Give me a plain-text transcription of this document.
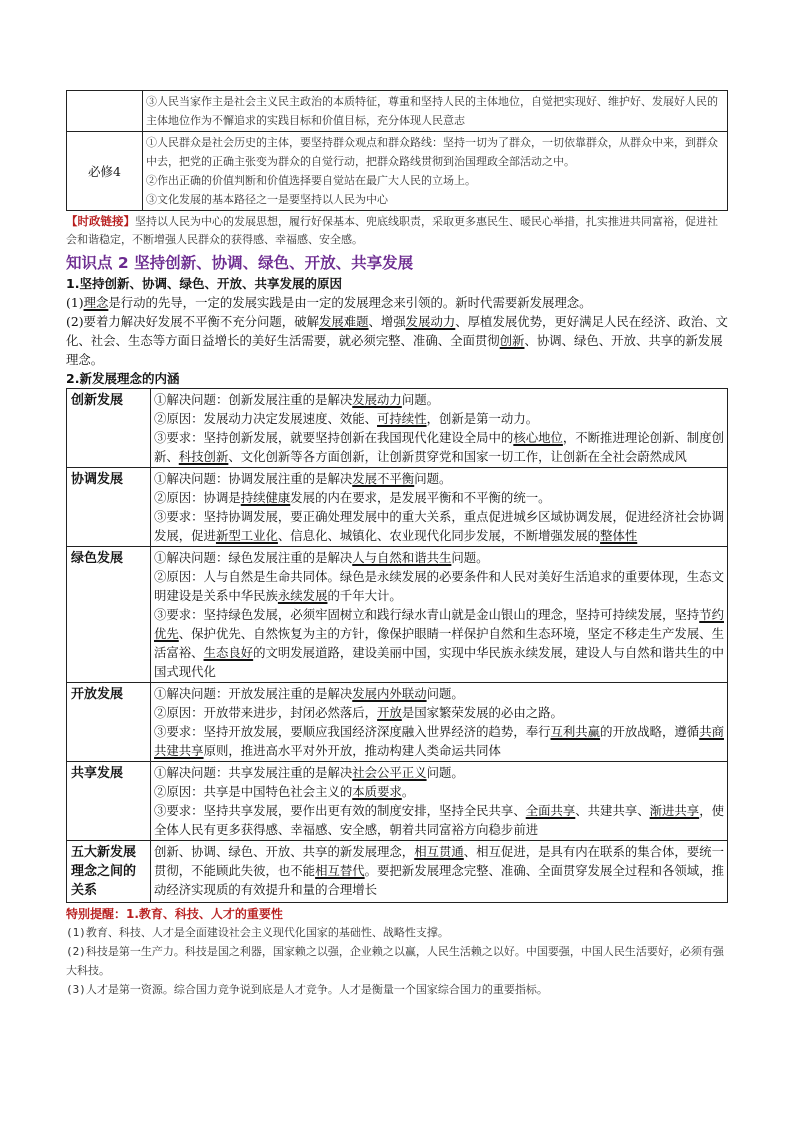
	③人民当家作主是社会主义民主政治的本质特征，尊重和坚持人民的主体地位，自觉把实现好、维护好、发展好人民的主体地位作为不懈追求的实践目标和价值目标，充分体现人民意志
必修4	①人民群众是社会历史的主体，要坚持群众观点和群众路线：坚持一切为了群众，一切依靠群众，从群众中来，到群众中去，把党的正确主张变为群众的自觉行动，把群众路线贯彻到治国理政全部活动之中。
②作出正确的价值判断和价值选择要自觉站在最广大人民的立场上。
③文化发展的基本路径之一是要坚持以人民为中心
【时政链接】坚持以人民为中心的发展思想，履行好保基本、兜底线职责，采取更多惠民生、暖民心举措，扎实推进共同富裕，促进社会和谐稳定，不断增强人民群众的获得感、幸福感、安全感。
知识点 2 坚持创新、协调、绿色、开放、共享发展
1.坚持创新、协调、绿色、开放、共享发展的原因
(1)理念是行动的先导，一定的发展实践是由一定的发展理念来引领的。新时代需要新发展理念。
(2)要着力解决好发展不平衡不充分问题，破解发展难题、增强发展动力、厚植发展优势，更好满足人民在经济、政治、文化、社会、生态等方面日益增长的美好生活需要，就必须完整、准确、全面贯彻创新、协调、绿色、开放、共享的新发展理念。
2.新发展理念的内涵
创新发展	①解决问题：创新发展注重的是解决发展动力问题。
②原因：发展动力决定发展速度、效能、可持续性，创新是第一动力。
③要求：坚持创新发展，就要坚持创新在我国现代化建设全局中的核心地位，不断推进理论创新、制度创新、科技创新、文化创新等各方面创新，让创新贯穿党和国家一切工作，让创新在全社会蔚然成风

协调发展	①解决问题：协调发展注重的是解决发展不平衡问题。
②原因：协调是持续健康发展的内在要求，是发展平衡和不平衡的统一。
③要求：坚持协调发展，要正确处理发展中的重大关系，重点促进城乡区域协调发展，促进经济社会协调发展，促进新型工业化、信息化、城镇化、农业现代化同步发展，不断增强发展的整体性

绿色发展	①解决问题：绿色发展注重的是解决人与自然和谐共生问题。
②原因：人与自然是生命共同体。绿色是永续发展的必要条件和人民对美好生活追求的重要体现，生态文明建设是关系中华民族永续发展的千年大计。
③要求：坚持绿色发展，必须牢固树立和践行绿水青山就是金山银山的理念，坚持可持续发展，坚持节约优先、保护优先、自然恢复为主的方针，像保护眼睛一样保护自然和生态环境，坚定不移走生产发展、生活富裕、生态良好的文明发展道路，建设美丽中国，实现中华民族永续发展，建设人与自然和谐共生的中国式现代化

开放发展	①解决问题：开放发展注重的是解决发展内外联动问题。
②原因：开放带来进步，封闭必然落后，开放是国家繁荣发展的必由之路。
③要求：坚持开放发展，要顺应我国经济深度融入世界经济的趋势，奉行互利共赢的开放战略，遵循共商共建共享原则，推进高水平对外开放，推动构建人类命运共同体

共享发展	①解决问题：共享发展注重的是解决社会公平正义问题。
②原因：共享是中国特色社会主义的本质要求。
③要求：坚持共享发展，要作出更有效的制度安排，坚持全民共享、全面共享、共建共享、渐进共享，使全体人民有更多获得感、幸福感、安全感，朝着共同富裕方向稳步前进

五大新发展理念之间的关系	创新、协调、绿色、开放、共享的新发展理念，相互贯通、相互促进，是具有内在联系的集合体，要统一贯彻，不能顾此失彼，也不能相互替代。要把新发展理念完整、准确、全面贯穿发展全过程和各领域，推动经济实现质的有效提升和量的合理增长
特别提醒：1.教育、科技、人才的重要性
(1)教育、科技、人才是全面建设社会主义现代化国家的基础性、战略性支撑。
(2)科技是第一生产力。科技是国之利器，国家赖之以强，企业赖之以赢，人民生活赖之以好。中国要强，中国人民生活要好，必须有强大科技。
(3)人才是第一资源。综合国力竞争说到底是人才竞争。人才是衡量一个国家综合国力的重要指标。
